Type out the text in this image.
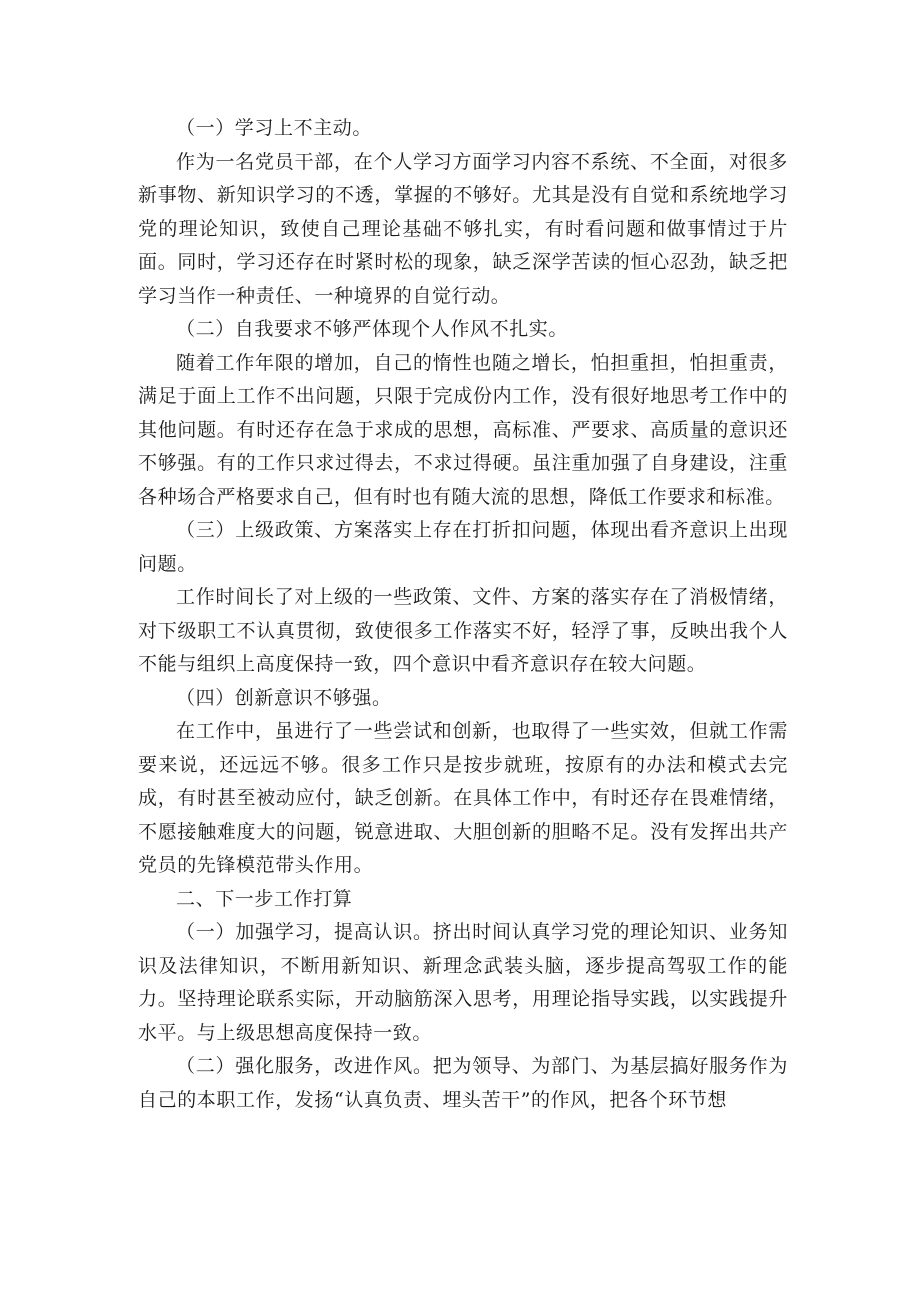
（一）学习上不主动。

作为一名党员干部，在个人学习方面学习内容不系统、不全面，对很多新事物、新知识学习的不透，掌握的不够好。尤其是没有自觉和系统地学习党的理论知识，致使自己理论基础不够扎实，有时看问题和做事情过于片面。同时，学习还存在时紧时松的现象，缺乏深学苦读的恒心忍劲，缺乏把学习当作一种责任、一种境界的自觉行动。

（二）自我要求不够严体现个人作风不扎实。

随着工作年限的增加，自己的惰性也随之增长，怕担重担，怕担重责，满足于面上工作不出问题，只限于完成份内工作，没有很好地思考工作中的其他问题。有时还存在急于求成的思想，高标准、严要求、高质量的意识还不够强。有的工作只求过得去，不求过得硬。虽注重加强了自身建设，注重各种场合严格要求自己，但有时也有随大流的思想，降低工作要求和标准。

（三）上级政策、方案落实上存在打折扣问题，体现出看齐意识上出现问题。

工作时间长了对上级的一些政策、文件、方案的落实存在了消极情绪，对下级职工不认真贯彻，致使很多工作落实不好，轻浮了事，反映出我个人不能与组织上高度保持一致，四个意识中看齐意识存在较大问题。

（四）创新意识不够强。

在工作中，虽进行了一些尝试和创新，也取得了一些实效，但就工作需要来说，还远远不够。很多工作只是按步就班，按原有的办法和模式去完成，有时甚至被动应付，缺乏创新。在具体工作中，有时还存在畏难情绪，不愿接触难度大的问题，锐意进取、大胆创新的胆略不足。没有发挥出共产党员的先锋模范带头作用。

二、下一步工作打算

（一）加强学习，提高认识。挤出时间认真学习党的理论知识、业务知识及法律知识，不断用新知识、新理念武装头脑，逐步提高驾驭工作的能力。坚持理论联系实际，开动脑筋深入思考，用理论指导实践，以实践提升水平。与上级思想高度保持一致。

（二）强化服务，改进作风。把为领导、为部门、为基层搞好服务作为自己的本职工作，发扬“认真负责、埋头苦干”的作风，把各个环节想
